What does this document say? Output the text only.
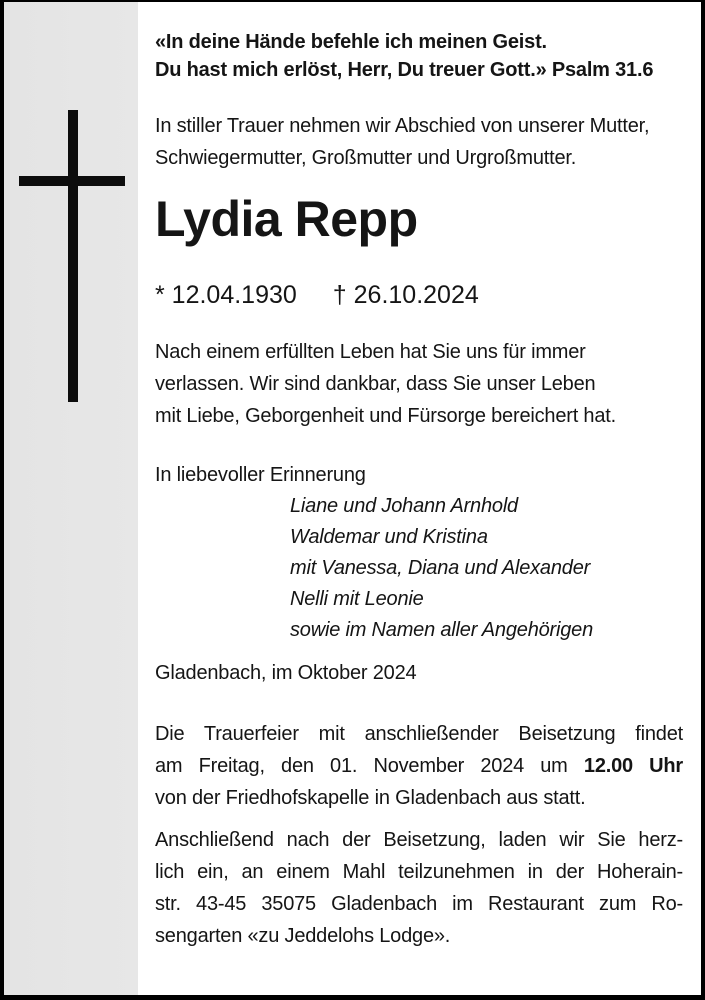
«In deine Hände befehle ich meinen Geist.
Du hast mich erlöst, Herr, Du treuer Gott.» Psalm 31.6
In stiller Trauer nehmen wir Abschied von unserer Mutter,
Schwiegermutter, Großmutter und Urgroßmutter.
Lydia Repp
* 12.04.1930 † 26.10.2024
Nach einem erfüllten Leben hat Sie uns für immer
verlassen. Wir sind dankbar, dass Sie unser Leben
mit Liebe, Geborgenheit und Fürsorge bereichert hat.
In liebevoller Erinnerung
Liane und Johann Arnhold
Waldemar und Kristina
mit Vanessa, Diana und Alexander
Nelli mit Leonie
sowie im Namen aller Angehörigen
Gladenbach, im Oktober 2024
Die Trauerfeier mit anschließender Beisetzung findet
am Freitag, den 01. November 2024 um 12.00 Uhr
von der Friedhofskapelle in Gladenbach aus statt.
Anschließend nach der Beisetzung, laden wir Sie herz-
lich ein, an einem Mahl teilzunehmen in der Hoherain-
str. 43-45 35075 Gladenbach im Restaurant zum Ro-
sengarten «zu Jeddelohs Lodge».
